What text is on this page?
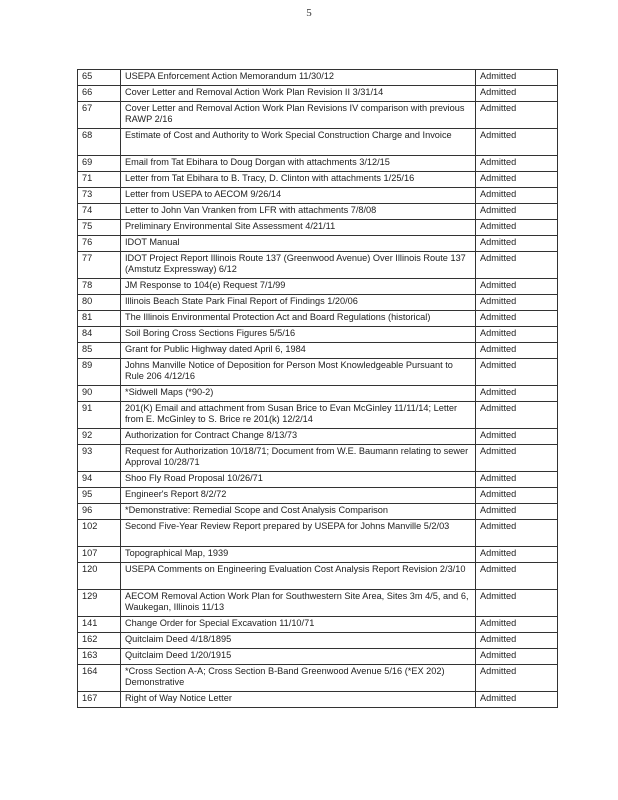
5
65	USEPA Enforcement Action Memorandum 11/30/12	Admitted
66	Cover Letter and Removal Action Work Plan Revision II 3/31/14	Admitted
67	Cover Letter and Removal Action Work Plan Revisions IV comparison with previous RAWP 2/16	Admitted
68	Estimate of Cost and Authority to Work Special Construction Charge and Invoice	Admitted
69	Email from Tat Ebihara to Doug Dorgan with attachments 3/12/15	Admitted
71	Letter from Tat Ebihara to B. Tracy, D. Clinton with attachments 1/25/16	Admitted
73	Letter from USEPA to AECOM 9/26/14	Admitted
74	Letter to John Van Vranken from LFR with attachments 7/8/08	Admitted
75	Preliminary Environmental Site Assessment 4/21/11	Admitted
76	IDOT Manual	Admitted
77	IDOT Project Report Illinois Route 137 (Greenwood Avenue) Over Illinois Route 137 (Amstutz Expressway) 6/12	Admitted
78	JM Response to 104(e) Request 7/1/99	Admitted
80	Illinois Beach State Park Final Report of Findings 1/20/06	Admitted
81	The Illinois Environmental Protection Act and Board Regulations (historical)	Admitted
84	Soil Boring Cross Sections Figures 5/5/16	Admitted
85	Grant for Public Highway dated April 6, 1984	Admitted
89	Johns Manville Notice of Deposition for Person Most Knowledgeable Pursuant to Rule 206 4/12/16	Admitted
90	*Sidwell Maps (*90-2)	Admitted
91	201(K) Email and attachment from Susan Brice to Evan McGinley 11/11/14; Letter from E. McGinley to S. Brice re 201(k) 12/2/14	Admitted
92	Authorization for Contract Change 8/13/73	Admitted
93	Request for Authorization 10/18/71; Document from W.E. Baumann relating to sewer Approval 10/28/71	Admitted
94	Shoo Fly Road Proposal 10/26/71	Admitted
95	Engineer's Report 8/2/72	Admitted
96	*Demonstrative: Remedial Scope and Cost Analysis Comparison	Admitted
102	Second Five-Year Review Report prepared by USEPA for Johns Manville 5/2/03	Admitted
107	Topographical Map, 1939	Admitted
120	USEPA Comments on Engineering Evaluation Cost Analysis Report Revision 2/3/10	Admitted
129	AECOM Removal Action Work Plan for Southwestern Site Area, Sites 3m 4/5, and 6, Waukegan, Illinois 11/13	Admitted
141	Change Order for Special Excavation 11/10/71	Admitted
162	Quitclaim Deed 4/18/1895	Admitted
163	Quitclaim Deed 1/20/1915	Admitted
164	*Cross Section A-A; Cross Section B-Band Greenwood Avenue 5/16 (*EX 202) Demonstrative	Admitted
167	Right of Way Notice Letter	Admitted
